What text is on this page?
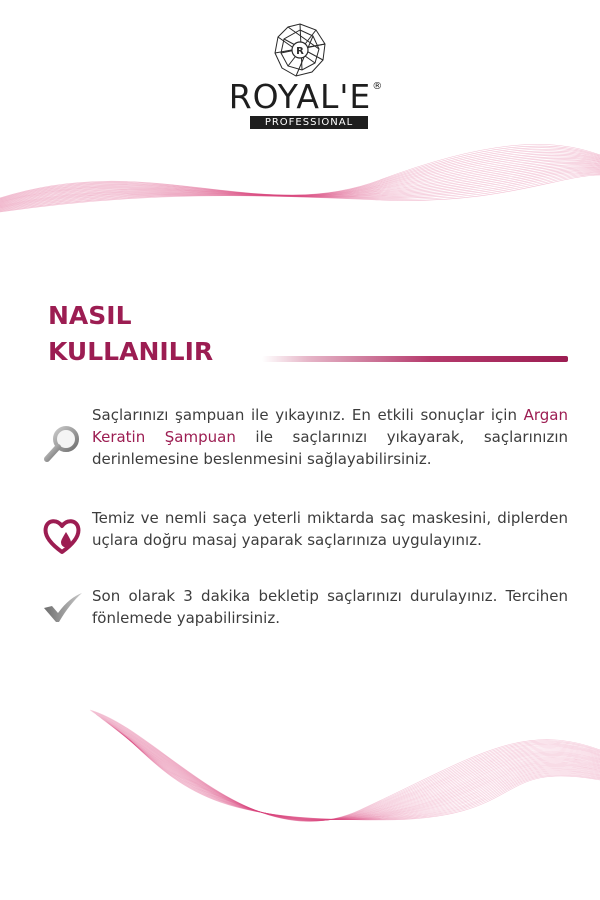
R
ROYAL'E ®
PROFESSIONAL
NASIL
KULLANILIR

Saçlarınızı şampuan ile yıkayınız. En etkili sonuçlar için Argan Keratin Şampuan ile saçlarınızı yıkayarak, saçlarınızın derinlemesine beslenmesini sağlayabilirsiniz.

Temiz ve nemli saça yeterli miktarda saç maskesini, diplerden uçlara doğru masaj yaparak saçlarınıza uygulayınız.

Son olarak 3 dakika bekletip saçlarınızı durulayınız. Tercihen fönlemede yapabilirsiniz.
